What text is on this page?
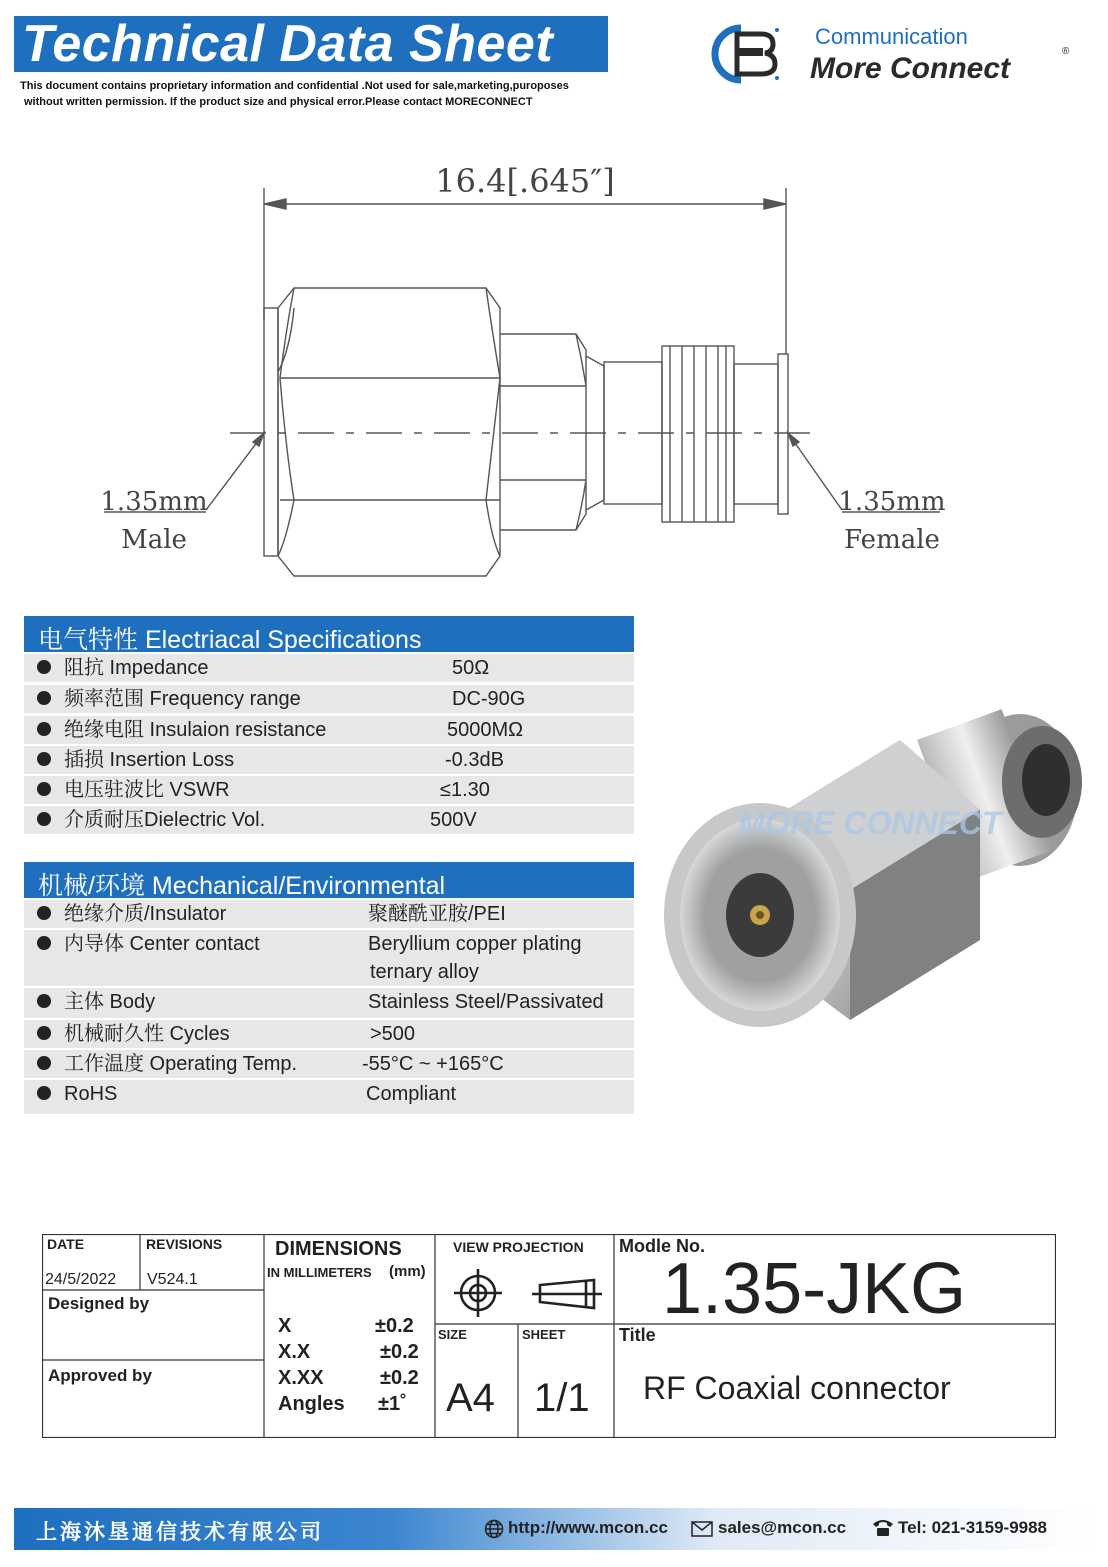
Technical Data Sheet
This document contains proprietary information and confidential .Not used for sale,marketing,puroposes
without written permission. If the product size and physical error.Please contact MORECONNECT
Communication
More Connect
®
16.4[.645″]
1.35mm
Male
1.35mm
Female
电气特性 Electriacal Specifications
阻抗 Impedance	50Ω
频率范围 Frequency range	DC-90G
绝缘电阻 Insulaion resistance	5000MΩ
插损 Insertion Loss	-0.3dB
电压驻波比 VSWR	≤1.30
介质耐压Dielectric Vol.	500V
机械/环境 Mechanical/Environmental
绝缘介质/Insulator	聚醚酰亚胺/PEI
内导体 Center contact	Beryllium copper plating
ternary alloy
主体 Body	Stainless Steel/Passivated
机械耐久性 Cycles	>500
工作温度 Operating Temp.	-55°C ~ +165°C
RoHS	Compliant
MORE CONNECT
DATE
24/5/2022
REVISIONS
V524.1
Designed by
Approved by
DIMENSIONS
IN MILLIMETERS (mm)
X	±0.2
X.X	±0.2
X.XX	±0.2
Angles ±1˚
VIEW PROJECTION
SIZE
A4
SHEET
1/1
Modle No.
1.35-JKG
Title
RF Coaxial connector
上海沐垦通信技术有限公司	http://www.mcon.cc	sales@mcon.cc	Tel: 021-3159-9988
